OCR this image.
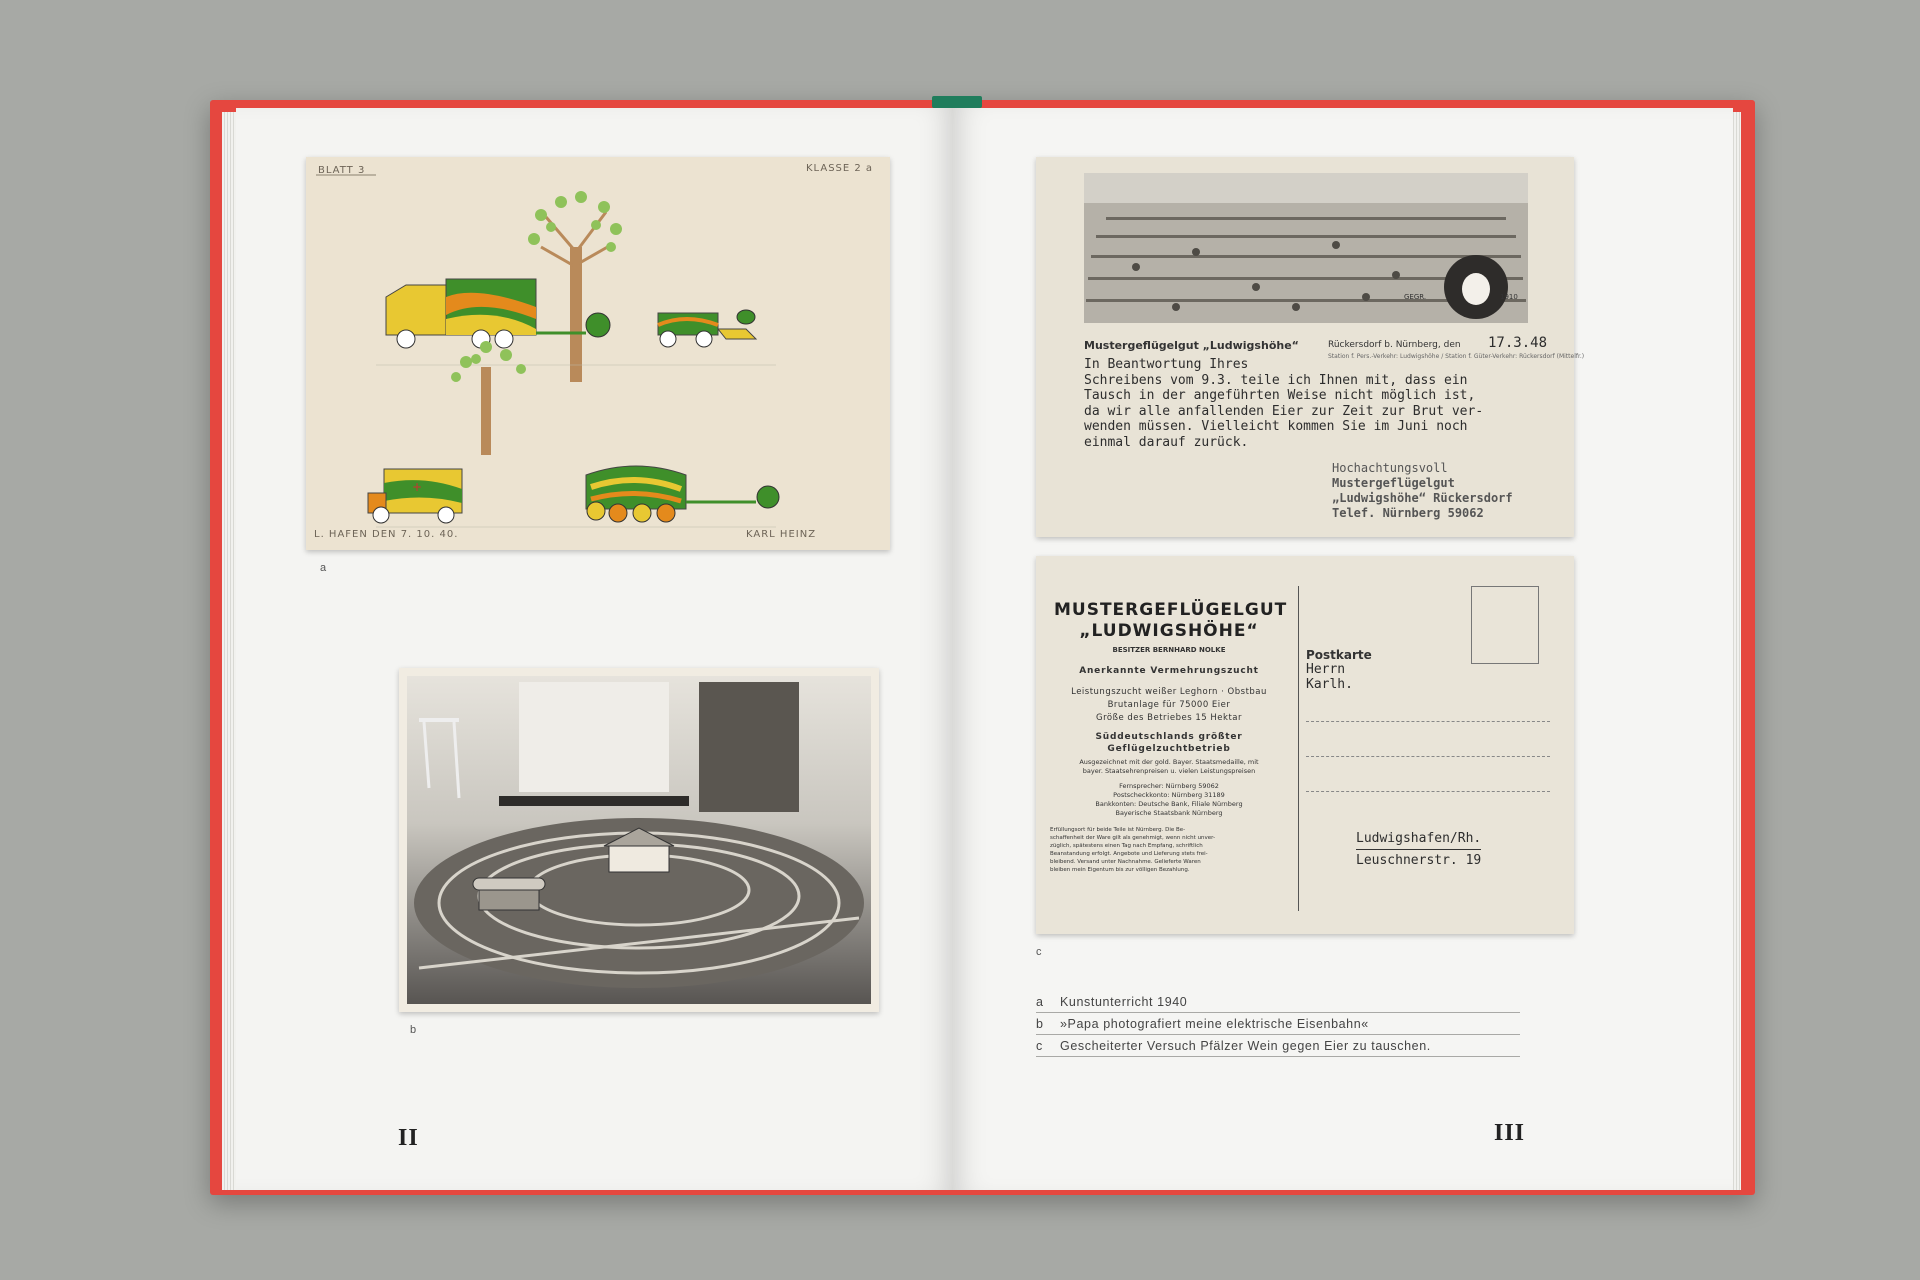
+
BLATT 3	KLASSE 2 a
L. HAFEN DEN 7. 10. 40.	KARL HEINZ
a
b
GEGR.	1910
Mustergeflügelgut „Ludwigshöhe“	Rückersdorf b. Nürnberg, den 17.3.48
Station f. Pers.-Verkehr: Ludwigshöhe / Station f. Güter-Verkehr: Rückersdorf (Mittelfr.)
In Beantwortung Ihres
Schreibens vom 9.3. teile ich Ihnen mit, dass ein
Tausch in der angeführten Weise nicht möglich ist,
da wir alle anfallenden Eier zur Zeit zur Brut ver-
wenden müssen. Vielleicht kommen Sie im Juni noch
einmal darauf zurück.
Hochachtungsvoll
Mustergeflügelgut
„Ludwigshöhe“ Rückersdorf
Telef. Nürnberg 59062
MUSTERGEFLÜGELGUT
„LUDWIGSHÖHE“
BESITZER BERNHARD NOLKE
Anerkannte Vermehrungszucht
Leistungszucht weißer Leghorn · Obstbau
Brutanlage für 75000 Eier
Größe des Betriebes 15 Hektar
Süddeutschlands größter
Geflügelzuchtbetrieb
Ausgezeichnet mit der gold. Bayer. Staatsmedaille, mit
bayer. Staatsehrenpreisen u. vielen Leistungspreisen
Fernsprecher: Nürnberg 59062
Postscheckkonto: Nürnberg 31189
Bankkonten: Deutsche Bank, Filiale Nürnberg
Bayerische Staatsbank Nürnberg
Erfüllungsort für beide Teile ist Nürnberg. Die Be-
schaffenheit der Ware gilt als genehmigt, wenn nicht unver-
züglich, spätestens einen Tag nach Empfang, schriftlich
Beanstandung erfolgt. Angebote und Lieferung stets frei-
bleibend. Versand unter Nachnahme. Gelieferte Waren
bleiben mein Eigentum bis zur völligen Bezahlung.
Postkarte
Herrn
Karlh.
Ludwigshafen/Rh.
Leuschnerstr. 19
c
a Kunstunterricht 1940
b »Papa photografiert meine elektrische Eisenbahn«
c Gescheiterter Versuch Pfälzer Wein gegen Eier zu tauschen.
II	III
